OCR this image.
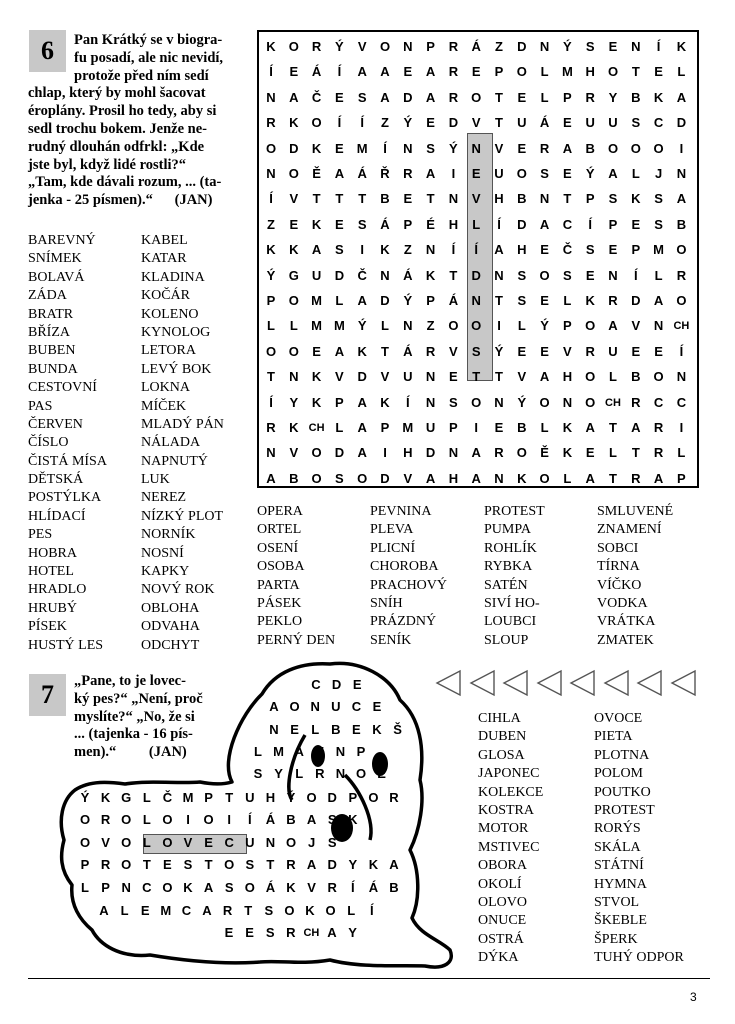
6	Pan Krátký se v biogra-
fu posadí, ale nic nevidí,
protože před ním sedí
chlap, který by mohl šacovat
éroplány. Prosil ho tedy, aby si
sedl trochu bokem. Jenže ne-
rudný dlouhán odfrkl: „Kde
jste byl, když lidé rostli?“
„Tam, kde dávali rozum, ... (ta-
jenka - 25 písmen).“      (JAN)
K	O	R	Ý	V	O	N	P	R	Á	Z	D	N	Ý	S	E	N	Í	K
Í	E	Á	Í	A	A	E	A	R	E	P	O	L	M H	O	T	E	L
N	A	Č	E	S	A	D	A	R	O	T	E	L	P	R	Y	B	K	A
R	K	O	Í	Í	Z	Ý	E	D	V	T	U	Á	E	U	U	S	C	D
O	D	K	E	M	Í	N	S	Ý	N	V	E	R	A	B	O O O	I
N	O	Ě	A	Á	Ř	R	A	I	E	U	O	S	E	Ý	A	L	J	N
Í	V	T	T	T	B	E	T	N	V	H	B	N	T	P	S	K	S	A
Z	E	K	E	S	Á	P	É	H	L	Í	D	A	C	Í	P	E	S	B
K	K	A	S	I	K	Z	N	Í	Í	A	H	E	Č	S	E	P	M O
Ý	G	U	D	Č	N	Á	K	T	D	N	S	O	S	E	N	Í	L	R
P	O M	L	A	D	Ý	P	Á	N	T	S	E	L	K	R	D	A	O
L	L	M M	Ý	L	N	Z	O O	I	L	Ý	P	O	A	V	N CH
O O	E	A	K	T	Á	R	V	S	Ý	E	E	V	R	U	E	E	Í
T	N	K	V	D	V	U	N	E	T	T	V	A	H	O	L	B	O	N
Í	Y	K	P	A	K	Í	N	S	O	N	Ý	O	N	O CH R	C	C
R	K CH L	A	P	M U	P	I	E	B	L	K	A	T	A	R	I
N	V	O	D	A	I	H	D	N	A	R	O	Ě	K	E	L	T	R	L
A	B	O	S	O	D	V	A	H	A	N	K	O	L	A	T	R	A	P
BAREVNÝ
SNÍMEK
BOLAVÁ
ZÁDA
BRATR
BŘÍZA
BUBEN
BUNDA
CESTOVNÍ
PAS
ČERVEN
ČÍSLO
ČISTÁ MÍSA
DĚTSKÁ
POSTÝLKA
HLÍDACÍ
PES
HOBRA
HOTEL
HRADLO
HRUBÝ
PÍSEK
HUSTÝ LES
KABEL
KATAR
KLADINA
KOČÁR
KOLENO
KYNOLOG
LETORA
LEVÝ BOK
LOKNA
MÍČEK
MLADÝ PÁN
NÁLADA
NAPNUTÝ
LUK
NEREZ
NÍZKÝ PLOT
NORNÍK
NOSNÍ
KAPKY
NOVÝ ROK
OBLOHA
ODVAHA
ODCHYT
OPERA
ORTEL
OSENÍ
OSOBA
PARTA
PÁSEK
PEKLO
PERNÝ DEN
PEVNINA
PLEVA
PLICNÍ
CHOROBA
PRACHOVÝ
SNÍH
PRÁZDNÝ
SENÍK
PROTEST
PUMPA
ROHLÍK
RYBKA
SATÉN
SIVÍ HO-
LOUBCI
SLOUP
SMLUVENÉ
ZNAMENÍ
SOBCI
TÍRNA
VÍČKO
VODKA
VRÁTKA
ZMATEK
7	„Pane, to je lovec-
ký pes?“ „Není, proč
myslíte?“ „No, že si
... (tajenka - 16 pís-
men).“         (JAN)
C D E
A O N U C E
N E L B E K Š
L M A E N P
S Y L R N O E
Ý K G L Č M P T U H Ý O D P O R
O R O L O	I	O	I	Í	Á B A S K
O V O L O V E C U N O J S
P R O T E S T O S T R A D Y K A
L P N C O K A S O Á K V R	Í	Á B
A L E M C A R T S O K O L	Í
E E S R CH A Y
CIHLA
DUBEN
GLOSA
JAPONEC
KOLEKCE
KOSTRA
MOTOR
MSTIVEC
OBORA
OKOLÍ
OLOVO
ONUCE
OSTRÁ
DÝKA
OVOCE
PIETA
PLOTNA
POLOM
POUTKO
PROTEST
RORÝS
SKÁLA
STÁTNÍ
HYMNA
STVOL
ŠKEBLE
ŠPERK
TUHÝ ODPOR
3
